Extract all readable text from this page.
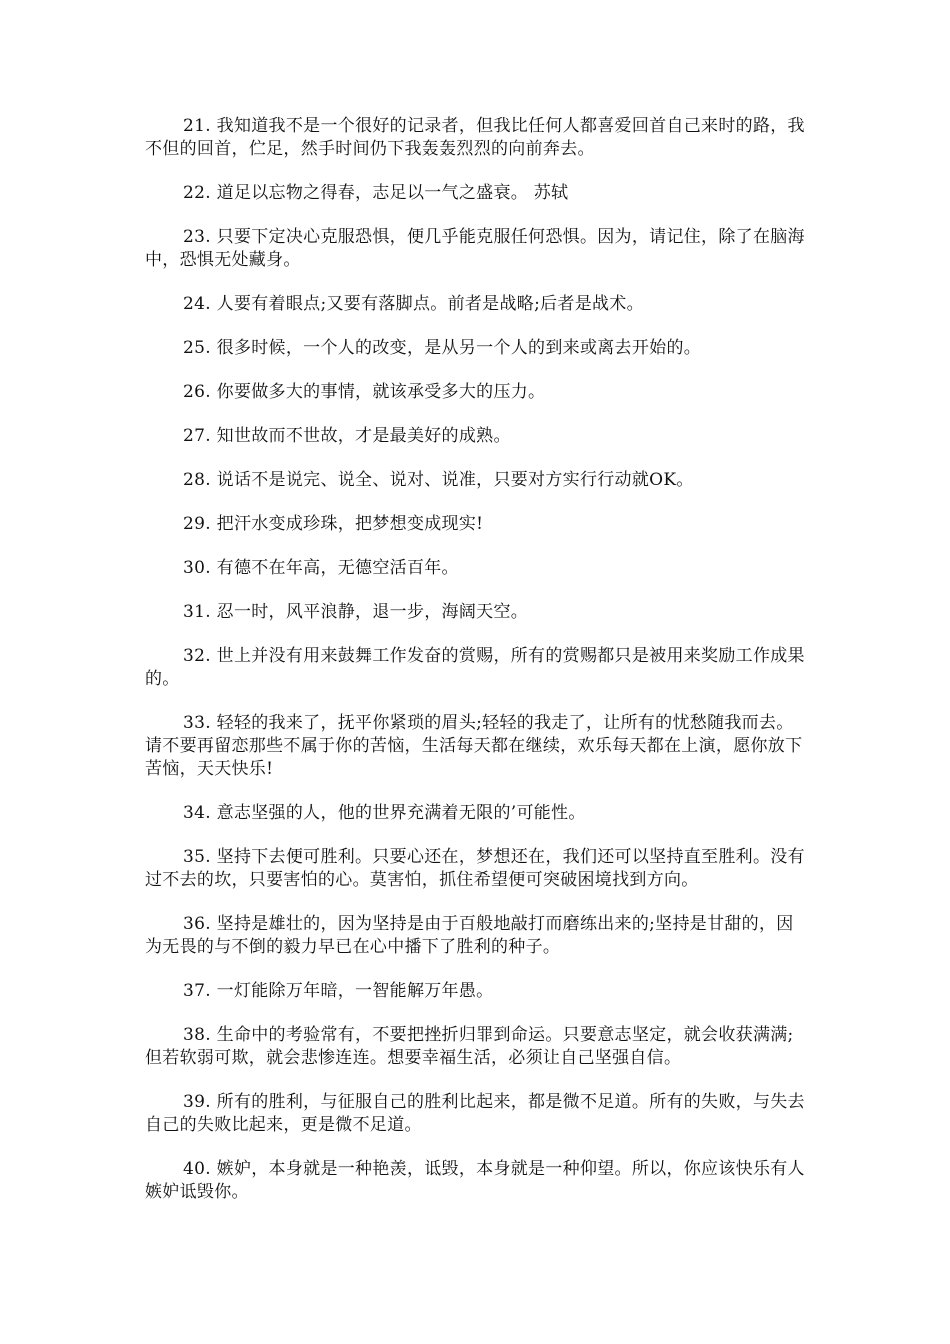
21. 我知道我不是一个很好的记录者，但我比任何人都喜爱回首自己来时的路，我不但的回首，伫足，然手时间仍下我轰轰烈烈的向前奔去。

22. 道足以忘物之得春，志足以一气之盛衰。 苏轼

23. 只要下定决心克服恐惧，便几乎能克服任何恐惧。因为，请记住，除了在脑海中，恐惧无处藏身。

24. 人要有着眼点;又要有落脚点。前者是战略;后者是战术。

25. 很多时候，一个人的改变，是从另一个人的到来或离去开始的。

26. 你要做多大的事情，就该承受多大的压力。

27. 知世故而不世故，才是最美好的成熟。

28. 说话不是说完、说全、说对、说准，只要对方实行行动就OK。

29. 把汗水变成珍珠，把梦想变成现实!

30. 有德不在年高，无德空活百年。

31. 忍一时，风平浪静，退一步，海阔天空。

32. 世上并没有用来鼓舞工作发奋的赏赐，所有的赏赐都只是被用来奖励工作成果的。

33. 轻轻的我来了，抚平你紧琐的眉头;轻轻的我走了，让所有的忧愁随我而去。请不要再留恋那些不属于你的苦恼，生活每天都在继续，欢乐每天都在上演，愿你放下苦恼，天天快乐!

34. 意志坚强的人，他的世界充满着无限的’可能性。

35. 坚持下去便可胜利。只要心还在，梦想还在，我们还可以坚持直至胜利。没有过不去的坎，只要害怕的心。莫害怕，抓住希望便可突破困境找到方向。

36. 坚持是雄壮的，因为坚持是由于百般地敲打而磨练出来的;坚持是甘甜的，因为无畏的与不倒的毅力早已在心中播下了胜利的种子。

37. 一灯能除万年暗，一智能解万年愚。

38. 生命中的考验常有，不要把挫折归罪到命运。只要意志坚定，就会收获满满;但若软弱可欺，就会悲惨连连。想要幸福生活，必须让自己坚强自信。

39. 所有的胜利，与征服自己的胜利比起来，都是微不足道。所有的失败，与失去自己的失败比起来，更是微不足道。

40. 嫉妒，本身就是一种艳羡，诋毁，本身就是一种仰望。所以，你应该快乐有人嫉妒诋毁你。
